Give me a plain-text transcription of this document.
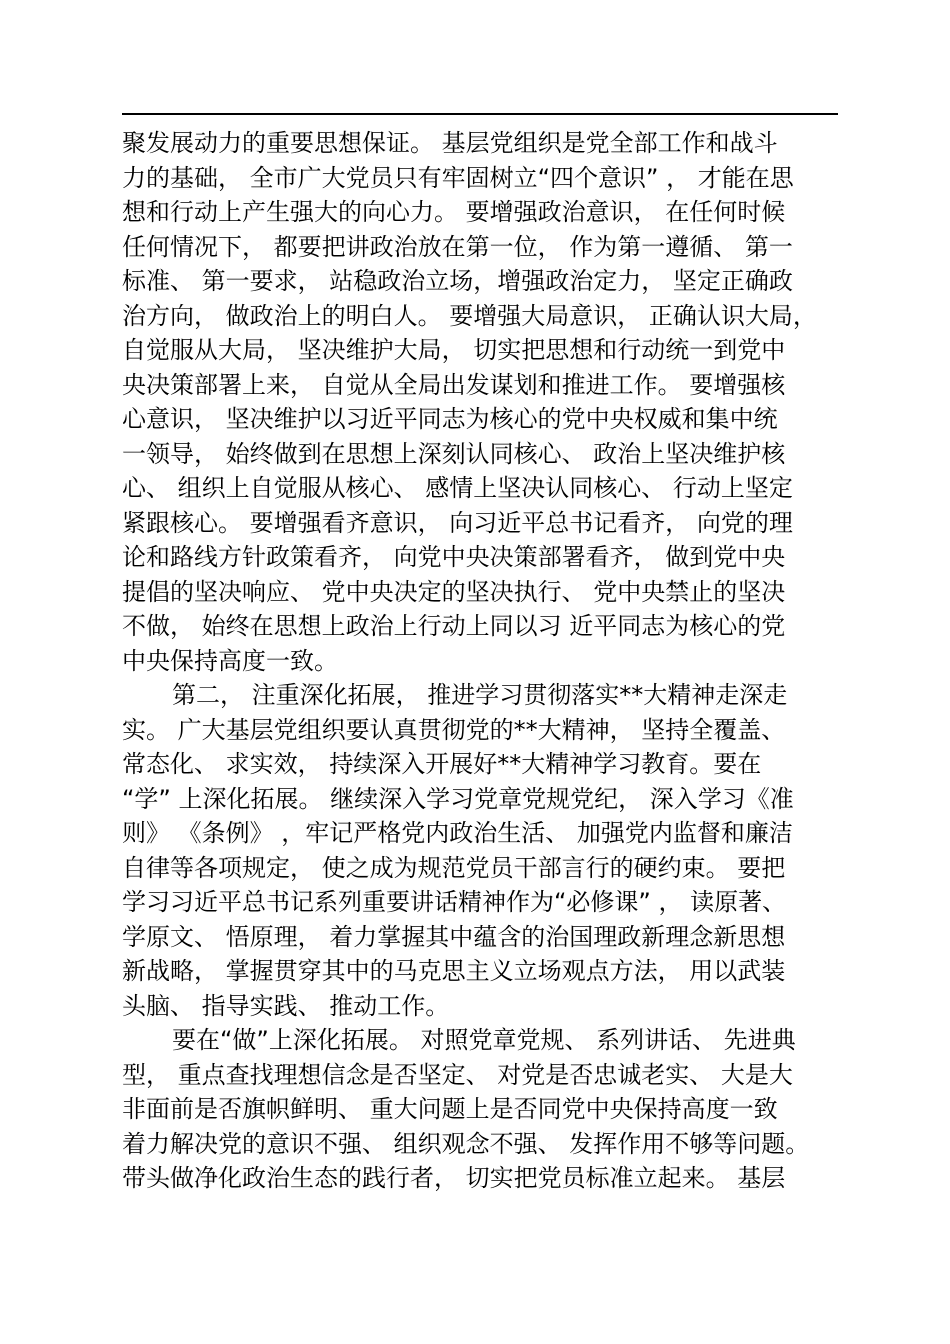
聚发展动力的重要思想保证。 基层党组织是党全部工作和战斗
力的基础， 全市广大党员只有牢固树立“四个意识” ， 才能在思
想和行动上产生强大的向心力。 要增强政治意识， 在任何时候
任何情况下， 都要把讲政治放在第一位， 作为第一遵循、 第一
标准、 第一要求， 站稳政治立场，增强政治定力， 坚定正确政
治方向， 做政治上的明白人。 要增强大局意识， 正确认识大局，
自觉服从大局， 坚决维护大局， 切实把思想和行动统一到党中
央决策部署上来， 自觉从全局出发谋划和推进工作。 要增强核
心意识， 坚决维护以习近平同志为核心的党中央权威和集中统
一领导， 始终做到在思想上深刻认同核心、 政治上坚决维护核
心、 组织上自觉服从核心、 感情上坚决认同核心、 行动上坚定
紧跟核心。 要增强看齐意识， 向习近平总书记看齐， 向党的理
论和路线方针政策看齐， 向党中央决策部署看齐， 做到党中央
提倡的坚决响应、 党中央决定的坚决执行、 党中央禁止的坚决
不做， 始终在思想上政治上行动上同以习 近平同志为核心的党
中央保持高度一致。
第二， 注重深化拓展， 推进学习贯彻落实**大精神走深走
实。 广大基层党组织要认真贯彻党的**大精神， 坚持全覆盖、
常态化、 求实效， 持续深入开展好**大精神学习教育。要在
“学” 上深化拓展。 继续深入学习党章党规党纪， 深入学习《准
则》 《条例》 ，牢记严格党内政治生活、 加强党内监督和廉洁
自律等各项规定， 使之成为规范党员干部言行的硬约束。 要把
学习习近平总书记系列重要讲话精神作为“必修课” ， 读原著、
学原文、 悟原理， 着力掌握其中蕴含的治国理政新理念新思想
新战略， 掌握贯穿其中的马克思主义立场观点方法， 用以武装
头脑、 指导实践、 推动工作。
要在“做”上深化拓展。 对照党章党规、 系列讲话、 先进典
型， 重点查找理想信念是否坚定、 对党是否忠诚老实、 大是大
非面前是否旗帜鲜明、 重大问题上是否同党中央保持高度一致
着力解决党的意识不强、 组织观念不强、 发挥作用不够等问题。
带头做净化政治生态的践行者， 切实把党员标准立起来。 基层
